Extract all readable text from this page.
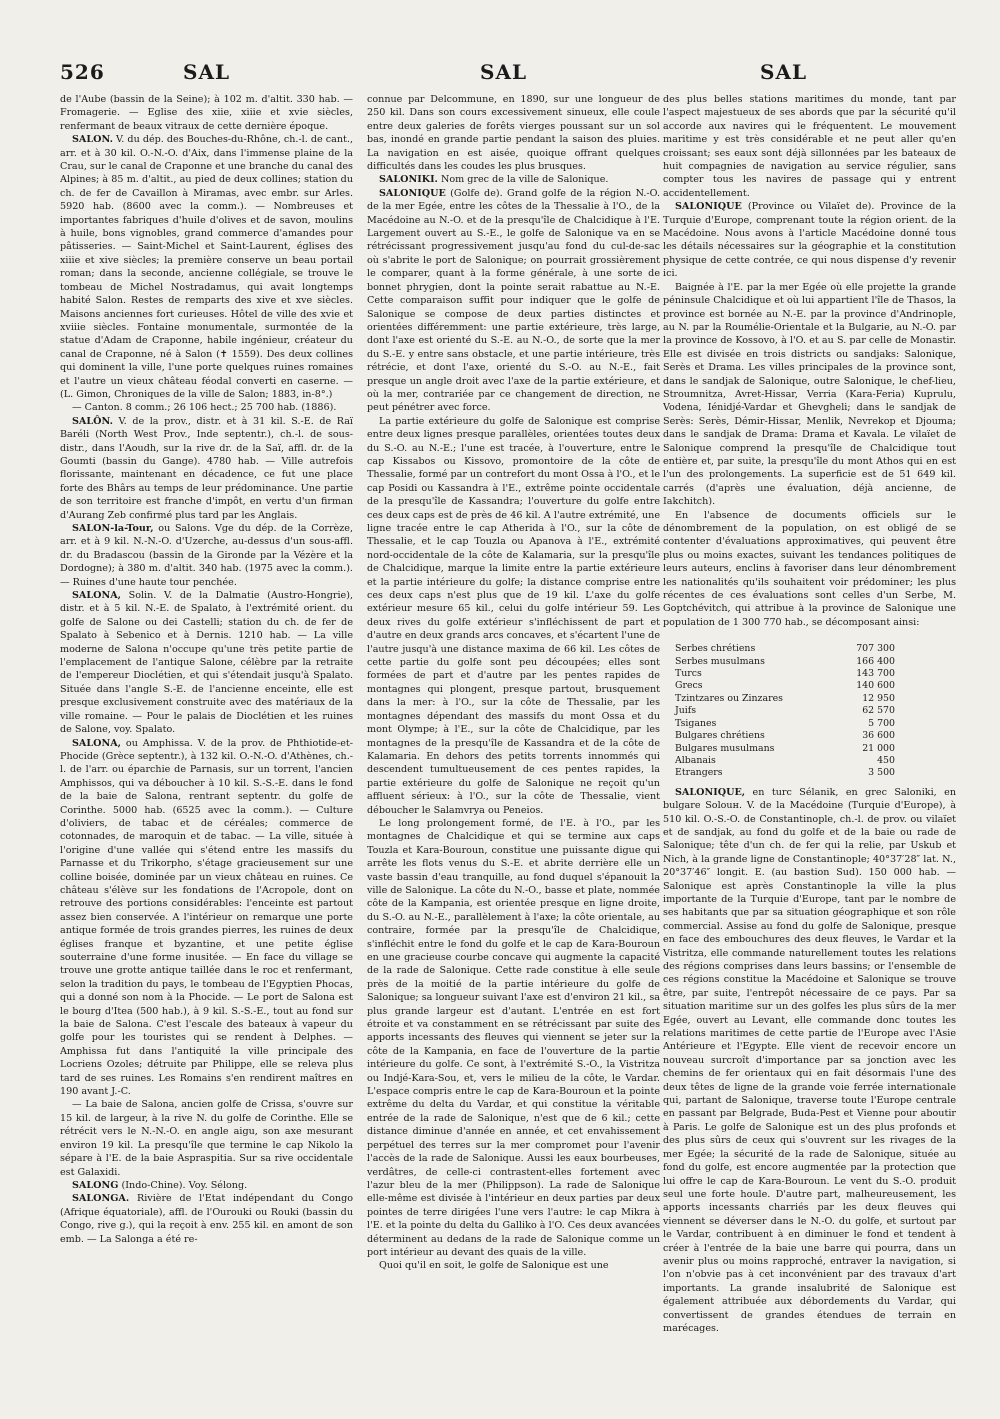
526	SAL	SAL	SAL

de l'Aube (bassin de la Seine); à 102 m. d'altit. 330 hab. — Fromagerie. — Eglise des xiie, xiiie et xvie siècles, renfermant de beaux vitraux de cette dernière époque.

SALON. V. du dép. des Bouches-du-Rhône, ch.-l. de cant., arr. et à 30 kil. O.-N.-O. d'Aix, dans l'immense plaine de la Crau, sur le canal de Craponne et une branche du canal des Alpines; à 85 m. d'altit., au pied de deux collines; station du ch. de fer de Cavaillon à Miramas, avec embr. sur Arles. 5920 hab. (8600 avec la comm.). — Nombreuses et importantes fabriques d'huile d'olives et de savon, moulins à huile, bons vignobles, grand commerce d'amandes pour pâtisseries. — Saint-Michel et Saint-Laurent, églises des xiiie et xive siècles; la première conserve un beau portail roman; dans la seconde, ancienne collégiale, se trouve le tombeau de Michel Nostradamus, qui avait longtemps habité Salon. Restes de remparts des xive et xve siècles. Maisons anciennes fort curieuses. Hôtel de ville des xvie et xviiie siècles. Fontaine monumentale, surmontée de la statue d'Adam de Craponne, habile ingénieur, créateur du canal de Craponne, né à Salon (✝ 1559). Des deux collines qui dominent la ville, l'une porte quelques ruines romaines et l'autre un vieux château féodal converti en caserne. — (L. Gimon, Chroniques de la ville de Salon; 1883, in-8°.)

— Canton. 8 comm.; 26 106 hect.; 25 700 hab. (1886).

SALÔN. V. de la prov., distr. et à 31 kil. S.-E. de Raï Baréli (North West Prov., Inde septentr.), ch.-l. de sous-distr., dans l'Aoudh, sur la rive dr. de la Saï, affl. dr. de la Goumti (bassin du Gange). 4780 hab. — Ville autrefois florissante, maintenant en décadence, ce fut une place forte des Bhârs au temps de leur prédominance. Une partie de son territoire est franche d'impôt, en vertu d'un firman d'Aurang Zeb confirmé plus tard par les Anglais.

SALON-la-Tour, ou Salons. Vge du dép. de la Corrèze, arr. et à 9 kil. N.-N.-O. d'Uzerche, au-dessus d'un sous-affl. dr. du Bradascou (bassin de la Gironde par la Vézère et la Dordogne); à 380 m. d'altit. 340 hab. (1975 avec la comm.). — Ruines d'une haute tour penchée.

SALONA, Solin. V. de la Dalmatie (Austro-Hongrie), distr. et à 5 kil. N.-E. de Spalato, à l'extrémité orient. du golfe de Salone ou dei Castelli; station du ch. de fer de Spalato à Sebenico et à Dernis. 1210 hab. — La ville moderne de Salona n'occupe qu'une très petite partie de l'emplacement de l'antique Salone, célèbre par la retraite de l'empereur Dioclétien, et qui s'étendait jusqu'à Spalato. Située dans l'angle S.-E. de l'ancienne enceinte, elle est presque exclusivement construite avec des matériaux de la ville romaine. — Pour le palais de Dioclétien et les ruines de Salone, voy. Spalato.

SALONA, ou Amphissa. V. de la prov. de Phthiotide-et-Phocide (Grèce septentr.), à 132 kil. O.-N.-O. d'Athènes, ch.-l. de l'arr. ou éparchie de Parnasis, sur un torrent, l'ancien Amphissos, qui va déboucher à 10 kil. S.-S.-E. dans le fond de la baie de Salona, rentrant septentr. du golfe de Corinthe. 5000 hab. (6525 avec la comm.). — Culture d'oliviers, de tabac et de céréales; commerce de cotonnades, de maroquin et de tabac. — La ville, située à l'origine d'une vallée qui s'étend entre les massifs du Parnasse et du Trikorpho, s'étage gracieusement sur une colline boisée, dominée par un vieux château en ruines. Ce château s'élève sur les fondations de l'Acropole, dont on retrouve des portions considérables: l'enceinte est partout assez bien conservée. A l'intérieur on remarque une porte antique formée de trois grandes pierres, les ruines de deux églises franque et byzantine, et une petite église souterraine d'une forme inusitée. — En face du village se trouve une grotte antique taillée dans le roc et renfermant, selon la tradition du pays, le tombeau de l'Egyptien Phocas, qui a donné son nom à la Phocide. — Le port de Salona est le bourg d'Itea (500 hab.), à 9 kil. S.-S.-E., tout au fond sur la baie de Salona. C'est l'escale des bateaux à vapeur du golfe pour les touristes qui se rendent à Delphes. — Amphissa fut dans l'antiquité la ville principale des Locriens Ozoles; détruite par Philippe, elle se releva plus tard de ses ruines. Les Romains s'en rendirent maîtres en 190 avant J.-C.

— La baie de Salona, ancien golfe de Crissa, s'ouvre sur 15 kil. de largeur, à la rive N. du golfe de Corinthe. Elle se rétrécit vers le N.-N.-O. en angle aigu, son axe mesurant environ 19 kil. La presqu'île que termine le cap Nikolo la sépare à l'E. de la baie Aspraspitia. Sur sa rive occidentale est Galaxidi.

SALONG (Indo-Chine). Voy. Sélong.

SALONGA. Rivière de l'Etat indépendant du Congo (Afrique équatoriale), affl. de l'Ourouki ou Rouki (bassin du Congo, rive g.), qui la reçoit à env. 255 kil. en amont de son emb. — La Salonga a été re-

connue par Delcommune, en 1890, sur une longueur de 250 kil. Dans son cours excessivement sinueux, elle coule entre deux galeries de forêts vierges poussant sur un sol bas, inondé en grande partie pendant la saison des pluies. La navigation en est aisée, quoique offrant quelques difficultés dans les coudes les plus brusques.

SALONIKI. Nom grec de la ville de Salonique.

SALONIQUE (Golfe de). Grand golfe de la région N.-O. de la mer Egée, entre les côtes de la Thessalie à l'O., de la Macédoine au N.-O. et de la presqu'île de Chalcidique à l'E. Largement ouvert au S.-E., le golfe de Salonique va en se rétrécissant progressivement jusqu'au fond du cul-de-sac où s'abrite le port de Salonique; on pourrait grossièrement le comparer, quant à la forme générale, à une sorte de bonnet phrygien, dont la pointe serait rabattue au N.-E. Cette comparaison suffit pour indiquer que le golfe de Salonique se compose de deux parties distinctes et orientées différemment: une partie extérieure, très large, dont l'axe est orienté du S.-E. au N.-O., de sorte que la mer du S.-E. y entre sans obstacle, et une partie intérieure, très rétrécie, et dont l'axe, orienté du S.-O. au N.-E., fait presque un angle droit avec l'axe de la partie extérieure, et où la mer, contrariée par ce changement de direction, ne peut pénétrer avec force.

La partie extérieure du golfe de Salonique est comprise entre deux lignes presque parallèles, orientées toutes deux du S.-O. au N.-E.; l'une est tracée, à l'ouverture, entre le cap Kissabos ou Kissovo, promontoire de la côte de Thessalie, formé par un contrefort du mont Ossa à l'O., et le cap Posidi ou Kassandra à l'E., extrême pointe occidentale de la presqu'île de Kassandra; l'ouverture du golfe entre ces deux caps est de près de 46 kil. A l'autre extrémité, une ligne tracée entre le cap Atherida à l'O., sur la côte de Thessalie, et le cap Touzla ou Apanova à l'E., extrémité nord-occidentale de la côte de Kalamaria, sur la presqu'île de Chalcidique, marque la limite entre la partie extérieure et la partie intérieure du golfe; la distance comprise entre ces deux caps n'est plus que de 19 kil. L'axe du golfe extérieur mesure 65 kil., celui du golfe intérieur 59. Les deux rives du golfe extérieur s'infléchissent de part et d'autre en deux grands arcs concaves, et s'écartent l'une de l'autre jusqu'à une distance maxima de 66 kil. Les côtes de cette partie du golfe sont peu découpées; elles sont formées de part et d'autre par les pentes rapides de montagnes qui plongent, presque partout, brusquement dans la mer: à l'O., sur la côte de Thessalie, par les montagnes dépendant des massifs du mont Ossa et du mont Olympe; à l'E., sur la côte de Chalcidique, par les montagnes de la presqu'île de Kassandra et de la côte de Kalamaria. En dehors des petits torrents innommés qui descendent tumultueusement de ces pentes rapides, la partie extérieure du golfe de Salonique ne reçoit qu'un affluent sérieux: à l'O., sur la côte de Thessalie, vient déboucher le Salamvrya ou Peneios.

Le long prolongement formé, de l'E. à l'O., par les montagnes de Chalcidique et qui se termine aux caps Touzla et Kara-Bouroun, constitue une puissante digue qui arrête les flots venus du S.-E. et abrite derrière elle un vaste bassin d'eau tranquille, au fond duquel s'épanouit la ville de Salonique. La côte du N.-O., basse et plate, nommée côte de la Kampania, est orientée presque en ligne droite, du S.-O. au N.-E., parallèlement à l'axe; la côte orientale, au contraire, formée par la presqu'île de Chalcidique, s'infléchit entre le fond du golfe et le cap de Kara-Bouroun en une gracieuse courbe concave qui augmente la capacité de la rade de Salonique. Cette rade constitue à elle seule près de la moitié de la partie intérieure du golfe de Salonique; sa longueur suivant l'axe est d'environ 21 kil., sa plus grande largeur est d'autant. L'entrée en est fort étroite et va constamment en se rétrécissant par suite des apports incessants des fleuves qui viennent se jeter sur la côte de la Kampania, en face de l'ouverture de la partie intérieure du golfe. Ce sont, à l'extrémité S.-O., la Vistritza ou Indjé-Kara-Sou, et, vers le milieu de la côte, le Vardar. L'espace compris entre le cap de Kara-Bouroun et la pointe extrême du delta du Vardar, et qui constitue la véritable entrée de la rade de Salonique, n'est que de 6 kil.; cette distance diminue d'année en année, et cet envahissement perpétuel des terres sur la mer compromet pour l'avenir l'accès de la rade de Salonique. Aussi les eaux bourbeuses, verdâtres, de celle-ci contrastent-elles fortement avec l'azur bleu de la mer (Philippson). La rade de Salonique elle-même est divisée à l'intérieur en deux parties par deux pointes de terre dirigées l'une vers l'autre: le cap Mikra à l'E. et la pointe du delta du Galliko à l'O. Ces deux avancées déterminent au dedans de la rade de Salonique comme un port intérieur au devant des quais de la ville.

Quoi qu'il en soit, le golfe de Salonique est une

des plus belles stations maritimes du monde, tant par l'aspect majestueux de ses abords que par la sécurité qu'il accorde aux navires qui le fréquentent. Le mouvement maritime y est très considérable et ne peut aller qu'en croissant; ses eaux sont déjà sillonnées par les bateaux de huit compagnies de navigation au service régulier, sans compter tous les navires de passage qui y entrent accidentellement.

SALONIQUE (Province ou Vilaïet de). Province de la Turquie d'Europe, comprenant toute la région orient. de la Macédoine. Nous avons à l'article Macédoine donné tous les détails nécessaires sur la géographie et la constitution physique de cette contrée, ce qui nous dispense d'y revenir ici.

Baignée à l'E. par la mer Egée où elle projette la grande péninsule Chalcidique et où lui appartient l'île de Thasos, la province est bornée au N.-E. par la province d'Andrinople, au N. par la Roumélie-Orientale et la Bulgarie, au N.-O. par la province de Kossovo, à l'O. et au S. par celle de Monastir. Elle est divisée en trois districts ou sandjaks: Salonique, Serès et Drama. Les villes principales de la province sont, dans le sandjak de Salonique, outre Salonique, le chef-lieu, Stroumnitza, Avret-Hissar, Verria (Kara-Feria) Kuprulu, Vodena, Iénidjé-Vardar et Ghevgheli; dans le sandjak de Serès: Serès, Démir-Hissar, Menlik, Nevrekop et Djouma; dans le sandjak de Drama: Drama et Kavala. Le vilaïet de Salonique comprend la presqu'île de Chalcidique tout entière et, par suite, la presqu'île du mont Athos qui en est l'un des prolongements. La superficie est de 51 649 kil. carrés (d'après une évaluation, déjà ancienne, de Iakchitch).

En l'absence de documents officiels sur le dénombrement de la population, on est obligé de se contenter d'évaluations approximatives, qui peuvent être plus ou moins exactes, suivant les tendances politiques de leurs auteurs, enclins à favoriser dans leur dénombrement les nationalités qu'ils souhaitent voir prédominer; les plus récentes de ces évaluations sont celles d'un Serbe, M. Goptchévitch, qui attribue à la province de Salonique une population de 1 300 770 hab., se décomposant ainsi:

Serbes chrétiens	707 300
Serbes musulmans	166 400
Turcs	143 700
Grecs	140 600
Tzintzares ou Zinzares	12 950
Juifs	62 570
Tsiganes	5 700
Bulgares chrétiens	36 600
Bulgares musulmans	21 000
Albanais	450
Etrangers	3 500

SALONIQUE, en turc Sélanik, en grec Saloniki, en bulgare Solouн. V. de la Macédoine (Turquie d'Europe), à 510 kil. O.-S.-O. de Constantinople, ch.-l. de prov. ou vilaïet et de sandjak, au fond du golfe et de la baie ou rade de Salonique; tête d'un ch. de fer qui la relie, par Uskub et Nich, à la grande ligne de Constantinople; 40°37′28″ lat. N., 20°37′46″ longit. E. (au bastion Sud). 150 000 hab. — Salonique est après Constantinople la ville la plus importante de la Turquie d'Europe, tant par le nombre de ses habitants que par sa situation géographique et son rôle commercial. Assise au fond du golfe de Salonique, presque en face des embouchures des deux fleuves, le Vardar et la Vistritza, elle commande naturellement toutes les relations des régions comprises dans leurs bassins; or l'ensemble de ces régions constitue la Macédoine et Salonique se trouve être, par suite, l'entrepôt nécessaire de ce pays. Par sa situation maritime sur un des golfes les plus sûrs de la mer Egée, ouvert au Levant, elle commande donc toutes les relations maritimes de cette partie de l'Europe avec l'Asie Antérieure et l'Egypte. Elle vient de recevoir encore un nouveau surcroît d'importance par sa jonction avec les chemins de fer orientaux qui en fait désormais l'une des deux têtes de ligne de la grande voie ferrée internationale qui, partant de Salonique, traverse toute l'Europe centrale en passant par Belgrade, Buda-Pest et Vienne pour aboutir à Paris. Le golfe de Salonique est un des plus profonds et des plus sûrs de ceux qui s'ouvrent sur les rivages de la mer Egée; la sécurité de la rade de Salonique, située au fond du golfe, est encore augmentée par la protection que lui offre le cap de Kara-Bouroun. Le vent du S.-O. produit seul une forte houle. D'autre part, malheureusement, les apports incessants charriés par les deux fleuves qui viennent se déverser dans le N.-O. du golfe, et surtout par le Vardar, contribuent à en diminuer le fond et tendent à créer à l'entrée de la baie une barre qui pourra, dans un avenir plus ou moins rapproché, entraver la navigation, si l'on n'obvie pas à cet inconvénient par des travaux d'art importants. La grande insalubrité de Salonique est également attribuée aux débordements du Vardar, qui convertissent de grandes étendues de terrain en marécages.
